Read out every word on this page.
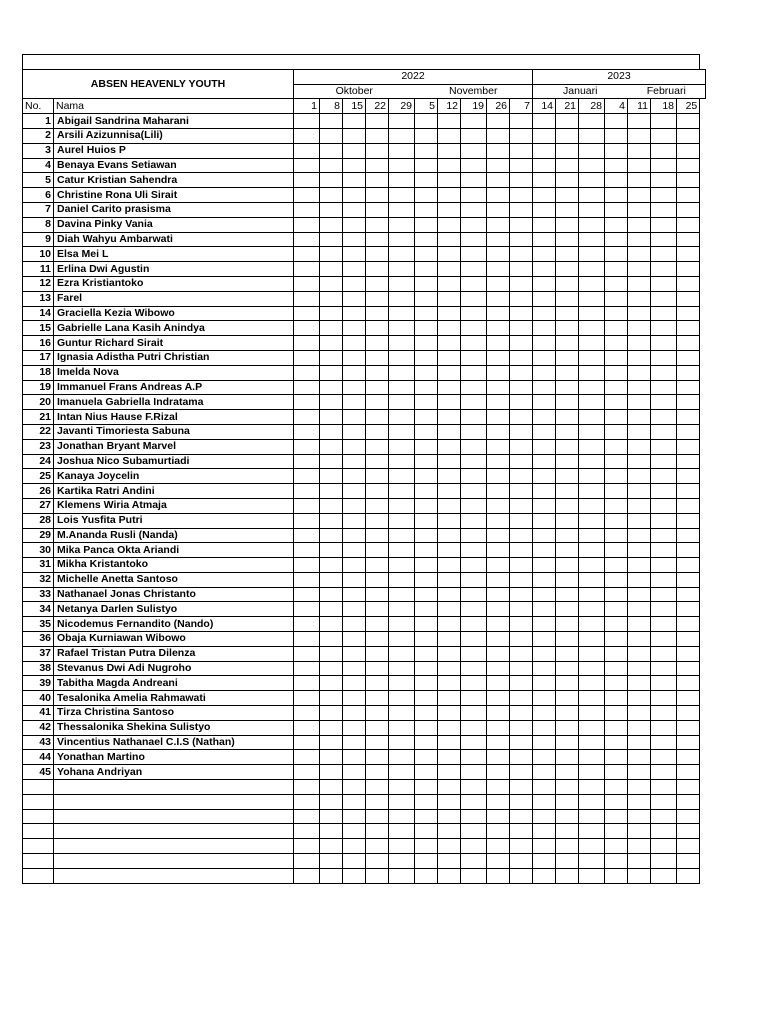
ABSEN HEAVENLY YOUTH		2022										2023						
		Oktober					November					Januari				Februari		
No.	Nama	1	8	15	22	29	5	12	19	26	7	14	21	28	4	11	18	25
1	Abigail Sandrina Maharani																	
2	Arsili Azizunnisa(Lili)																	
3	Aurel Huios P																	
4	Benaya Evans Setiawan																	
5	Catur Kristian Sahendra																	
6	Christine Rona Uli Sirait																	
7	Daniel Carito prasisma																	
8	Davina Pinky Vania																	
9	Diah Wahyu Ambarwati																	
10	Elsa Mei L																	
11	Erlina Dwi Agustin																	
12	Ezra Kristiantoko																	
13	Farel																	
14	Graciella Kezia Wibowo																	
15	Gabrielle Lana Kasih Anindya																	
16	Guntur Richard Sirait																	
17	Ignasia Adistha Putri Christian																	
18	Imelda Nova																	
19	Immanuel Frans Andreas A.P																	
20	Imanuela Gabriella Indratama																	
21	Intan Nius Hause F.Rizal																	
22	Javanti Timoriesta Sabuna																	
23	Jonathan Bryant Marvel																	
24	Joshua Nico Subamurtiadi																	
25	Kanaya Joycelin																	
26	Kartika Ratri Andini																	
27	Klemens Wiria Atmaja																	
28	Lois Yusfita Putri																	
29	M.Ananda Rusli (Nanda)																	
30	Mika Panca Okta Ariandi																	
31	Mikha Kristantoko																	
32	Michelle Anetta Santoso																	
33	Nathanael Jonas Christanto																	
34	Netanya Darlen Sulistyo																	
35	Nicodemus Fernandito (Nando)																	
36	Obaja Kurniawan Wibowo																	
37	Rafael Tristan Putra Dilenza																	
38	Stevanus Dwi Adi Nugroho																	
39	Tabitha Magda Andreani																	
40	Tesalonika Amelia Rahmawati																	
41	Tirza Christina Santoso																	
42	Thessalonika Shekina Sulistyo																	
43	Vincentius Nathanael C.I.S (Nathan)																	
44	Yonathan Martino																	
45	Yohana Andriyan																	
